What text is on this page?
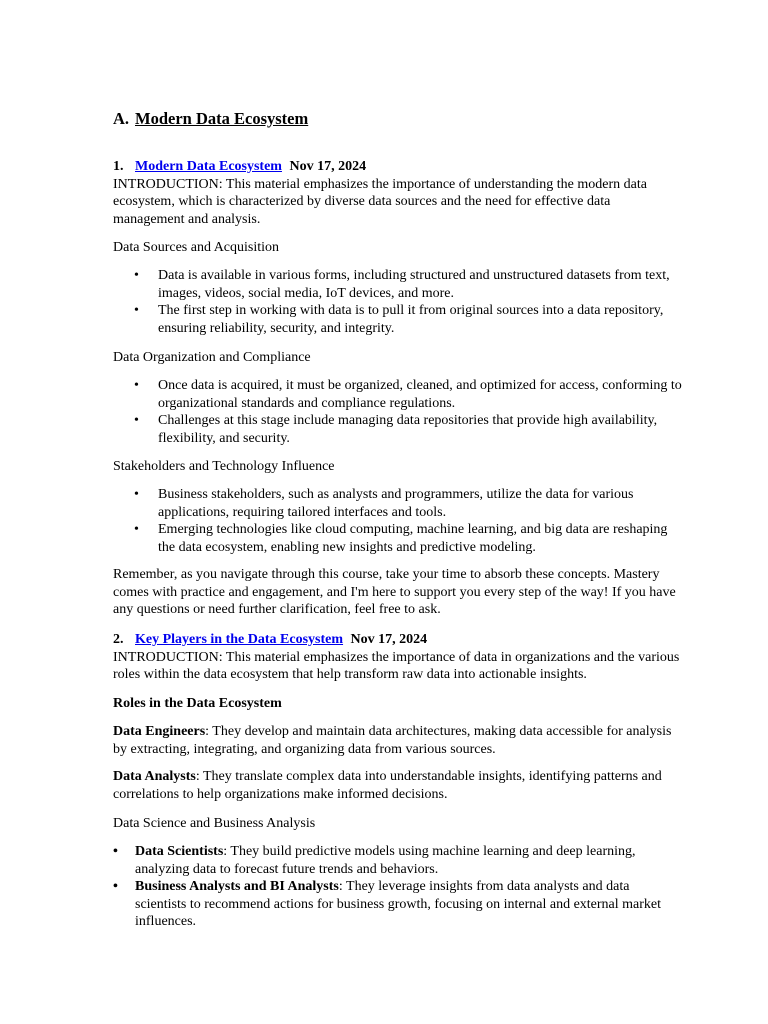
A. Modern Data Ecosystem
1. Modern Data Ecosystem Nov 17, 2024

INTRODUCTION: This material emphasizes the importance of understanding the modern data ecosystem, which is characterized by diverse data sources and the need for effective data management and analysis.

Data Sources and Acquisition

• Data is available in various forms, including structured and unstructured datasets from text, images, videos, social media, IoT devices, and more.
• The first step in working with data is to pull it from original sources into a data repository, ensuring reliability, security, and integrity.

Data Organization and Compliance

• Once data is acquired, it must be organized, cleaned, and optimized for access, conforming to organizational standards and compliance regulations.
• Challenges at this stage include managing data repositories that provide high availability, flexibility, and security.

Stakeholders and Technology Influence

• Business stakeholders, such as analysts and programmers, utilize the data for various applications, requiring tailored interfaces and tools.
• Emerging technologies like cloud computing, machine learning, and big data are reshaping the data ecosystem, enabling new insights and predictive modeling.

Remember, as you navigate through this course, take your time to absorb these concepts. Mastery comes with practice and engagement, and I'm here to support you every step of the way! If you have any questions or need further clarification, feel free to ask.

2. Key Players in the Data Ecosystem Nov 17, 2024

INTRODUCTION: This material emphasizes the importance of data in organizations and the various roles within the data ecosystem that help transform raw data into actionable insights.

Roles in the Data Ecosystem

Data Engineers: They develop and maintain data architectures, making data accessible for analysis by extracting, integrating, and organizing data from various sources.

Data Analysts: They translate complex data into understandable insights, identifying patterns and correlations to help organizations make informed decisions.

Data Science and Business Analysis

• Data Scientists: They build predictive models using machine learning and deep learning, analyzing data to forecast future trends and behaviors.
• Business Analysts and BI Analysts: They leverage insights from data analysts and data scientists to recommend actions for business growth, focusing on internal and external market influences.
